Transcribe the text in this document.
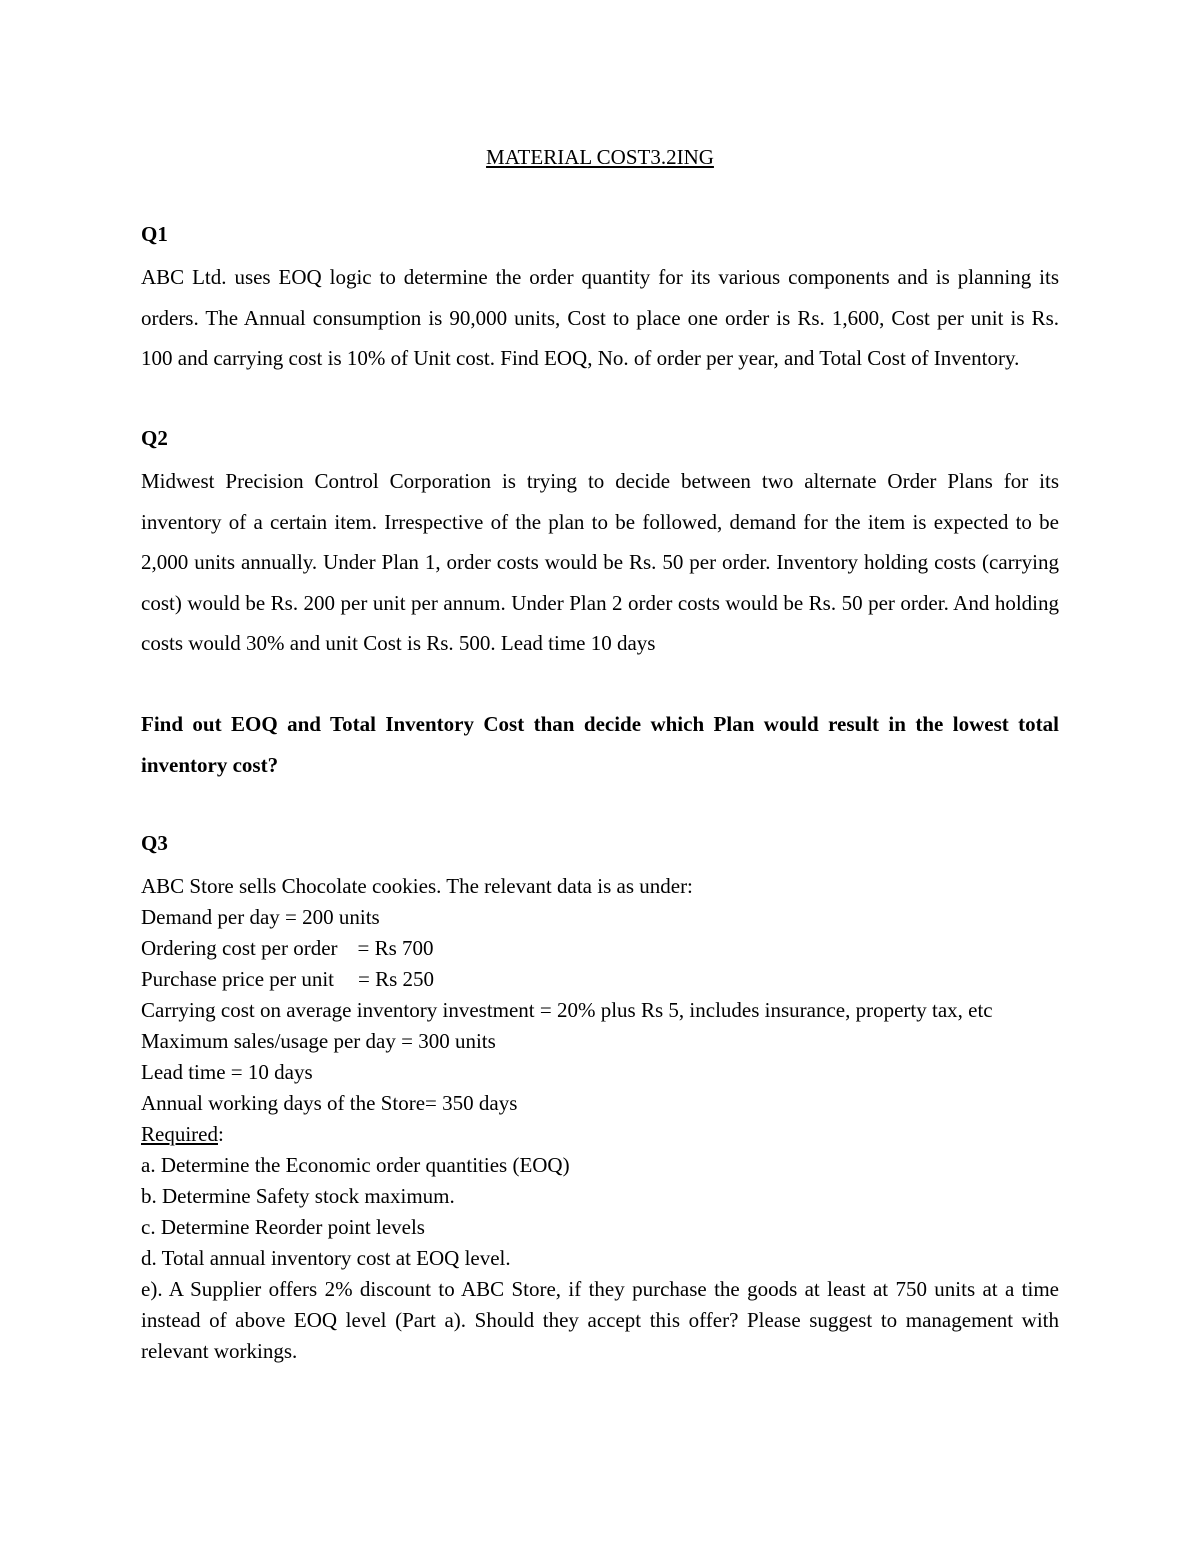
MATERIAL COST3.2ING
Q1
ABC Ltd. uses EOQ logic to determine the order quantity for its various components and is planning its orders. The Annual consumption is 90,000 units, Cost to place one order is Rs. 1,600, Cost per unit is Rs. 100 and carrying cost is 10% of Unit cost. Find EOQ, No. of order per year, and Total Cost of Inventory.
Q2
Midwest Precision Control Corporation is trying to decide between two alternate Order Plans for its inventory of a certain item. Irrespective of the plan to be followed, demand for the item is expected to be 2,000 units annually. Under Plan 1, order costs would be Rs. 50 per order. Inventory holding costs (carrying cost) would be Rs. 200 per unit per annum. Under Plan 2 order costs would be Rs. 50 per order. And holding costs would 30% and unit Cost is Rs. 500. Lead time 10 days
Find out EOQ and Total Inventory Cost than decide which Plan would result in the lowest total inventory cost?
Q3
ABC Store sells Chocolate cookies. The relevant data is as under:
Demand per day = 200 units
Ordering cost per order = Rs 700
Purchase price per unit = Rs 250
Carrying cost on average inventory investment = 20% plus Rs 5, includes insurance, property tax, etc
Maximum sales/usage per day = 300 units
Lead time = 10 days
Annual working days of the Store= 350 days
Required:
a. Determine the Economic order quantities (EOQ)
b. Determine Safety stock maximum.
c. Determine Reorder point levels
d. Total annual inventory cost at EOQ level.
e). A Supplier offers 2% discount to ABC Store, if they purchase the goods at least at 750 units at a time instead of above EOQ level (Part a). Should they accept this offer? Please suggest to management with relevant workings.
